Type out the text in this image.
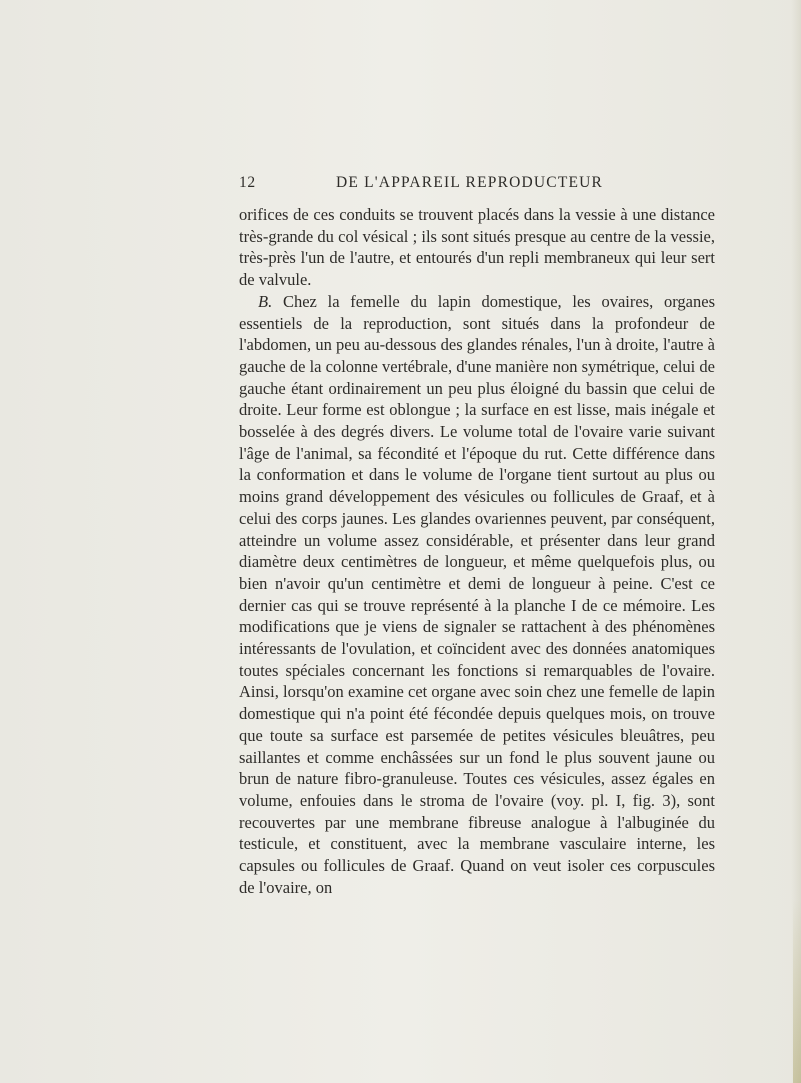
12	DE L'APPAREIL REPRODUCTEUR

orifices de ces conduits se trouvent placés dans la vessie à une distance très-grande du col vésical ; ils sont situés presque au centre de la vessie, très-près l'un de l'autre, et entourés d'un repli membraneux qui leur sert de valvule.

B. Chez la femelle du lapin domestique, les ovaires, organes essentiels de la reproduction, sont situés dans la profondeur de l'abdomen, un peu au-dessous des glandes rénales, l'un à droite, l'autre à gauche de la colonne vertébrale, d'une manière non symétrique, celui de gauche étant ordinairement un peu plus éloigné du bassin que celui de droite. Leur forme est oblongue ; la surface en est lisse, mais inégale et bosselée à des degrés divers. Le volume total de l'ovaire varie suivant l'âge de l'animal, sa fécondité et l'époque du rut. Cette différence dans la conformation et dans le volume de l'organe tient surtout au plus ou moins grand développement des vésicules ou follicules de Graaf, et à celui des corps jaunes. Les glandes ovariennes peuvent, par conséquent, atteindre un volume assez considérable, et présenter dans leur grand diamètre deux centimètres de longueur, et même quelquefois plus, ou bien n'avoir qu'un centimètre et demi de longueur à peine. C'est ce dernier cas qui se trouve représenté à la planche I de ce mémoire. Les modifications que je viens de signaler se rattachent à des phénomènes intéressants de l'ovulation, et coïncident avec des données anatomiques toutes spéciales concernant les fonctions si remarquables de l'ovaire. Ainsi, lorsqu'on examine cet organe avec soin chez une femelle de lapin domestique qui n'a point été fécondée depuis quelques mois, on trouve que toute sa surface est parsemée de petites vésicules bleuâtres, peu saillantes et comme enchâssées sur un fond le plus souvent jaune ou brun de nature fibro-granuleuse. Toutes ces vésicules, assez égales en volume, enfouies dans le stroma de l'ovaire (voy. pl. I, fig. 3), sont recouvertes par une membrane fibreuse analogue à l'albuginée du testicule, et constituent, avec la membrane vasculaire interne, les capsules ou follicules de Graaf. Quand on veut isoler ces corpuscules de l'ovaire, on
